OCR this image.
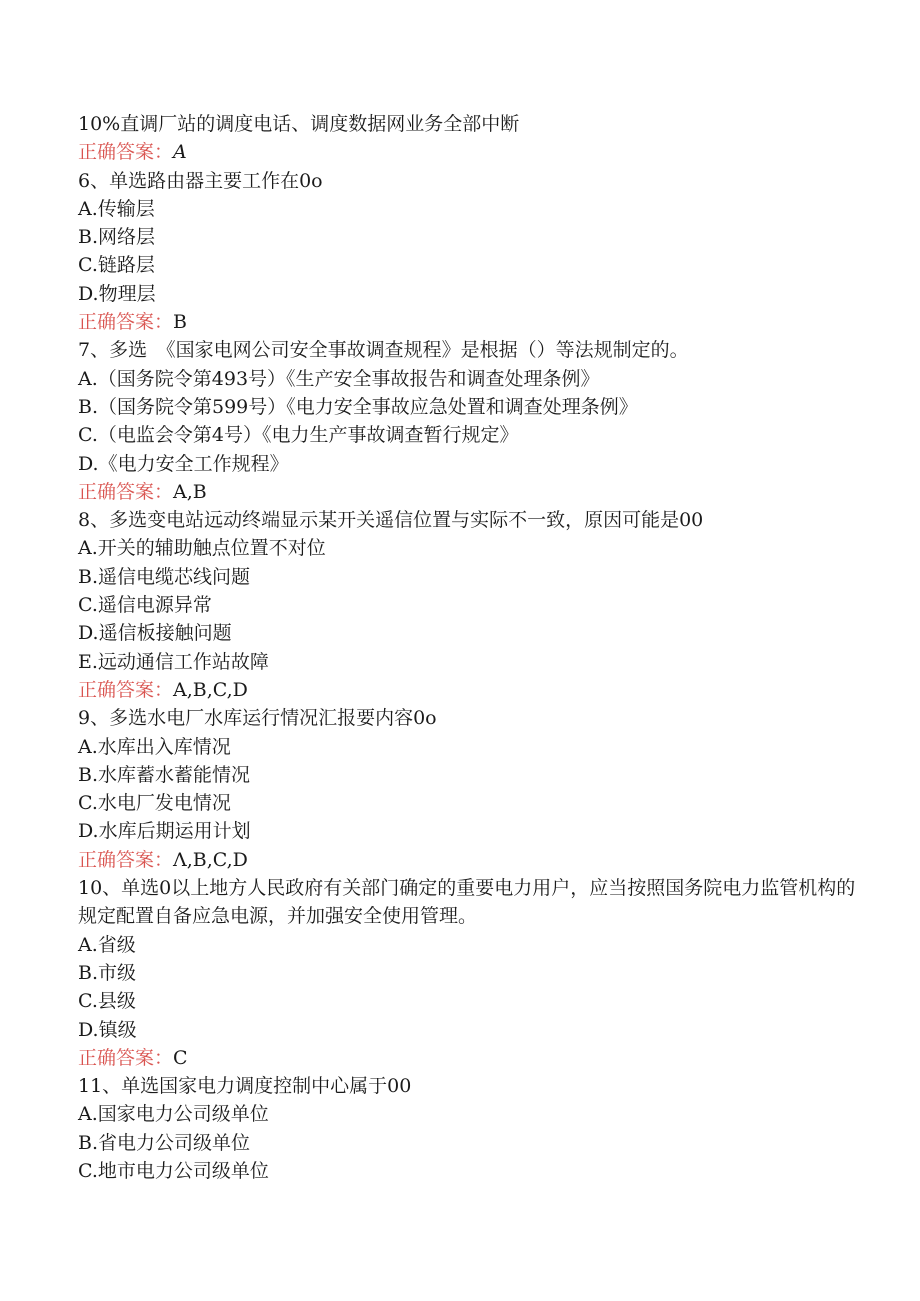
10%直调厂站的调度电话、调度数据网业务全部中断
正确答案：A
6、单选路由器主要工作在0o
A.传输层
B.网络层
C.链路层
D.物理层
正确答案：B
7、多选　《国家电网公司安全事故调查规程》是根据（）等法规制定的。
A.（国务院令第493号）《生产安全事故报告和调查处理条例》
B.（国务院令第599号）《电力安全事故应急处置和调查处理条例》
C.（电监会令第4号）《电力生产事故调查暂行规定》
D.《电力安全工作规程》
正确答案：A,B
8、多选变电站远动终端显示某开关遥信位置与实际不一致，原因可能是00
A.开关的辅助触点位置不对位
B.遥信电缆芯线问题
C.遥信电源异常
D.遥信板接触问题
E.远动通信工作站故障
正确答案：A,B,C,D
9、多选水电厂水库运行情况汇报要内容0o
A.水库出入库情况
B.水库蓄水蓄能情况
C.水电厂发电情况
D.水库后期运用计划
正确答案：Λ,B,C,D
10、单选0以上地方人民政府有关部门确定的重要电力用户，应当按照国务院电力监管机构的规定配置自备应急电源，并加强安全使用管理。
A.省级
B.市级
C.县级
D.镇级
正确答案：C
11、单选国家电力调度控制中心属于00
A.国家电力公司级单位
B.省电力公司级单位
C.地市电力公司级单位
